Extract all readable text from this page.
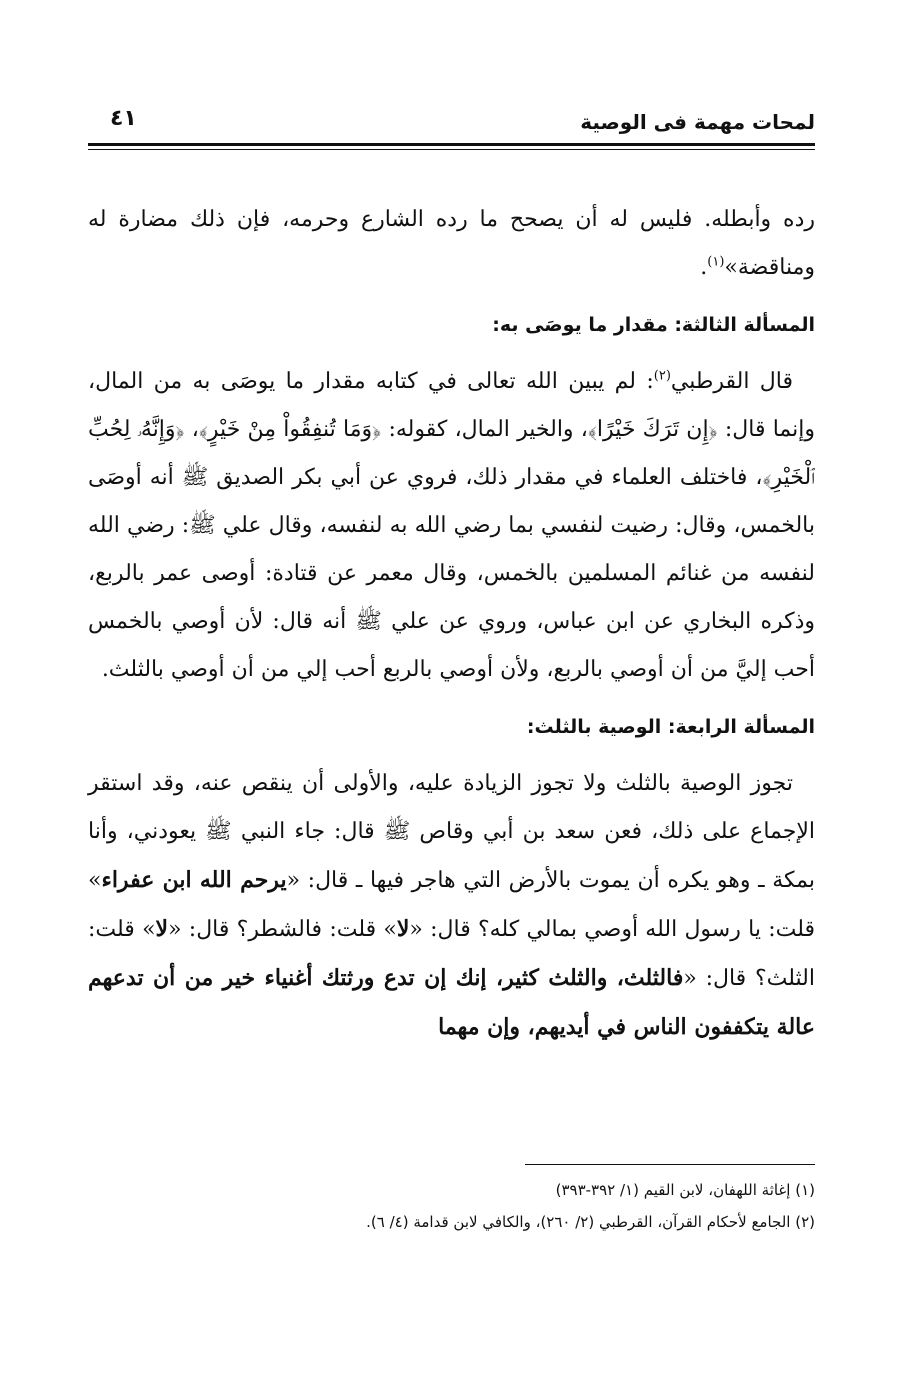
لمحات مهمة فى الوصية
٤١

رده وأبطله. فليس له أن يصحح ما رده الشارع وحرمه، فإن ذلك مضارة له ومناقضة»$^{(١)}$.

المسألة الثالثة: مقدار ما يوصَى به:

قال القرطبي$^{(٢)}$: لم يبين الله تعالى في كتابه مقدار ما يوصَى به من المال، وإنما قال: ﴿إِن تَرَكَ خَيْرًا﴾، والخير المال، كقوله: ﴿وَمَا تُنفِقُواْ مِنْ خَيْرٍ﴾، ﴿وَإِنَّهُۥ لِحُبِّ ٱلْخَيْرِ﴾، فاختلف العلماء في مقدار ذلك، فروي عن أبي بكر الصديق ﷺ أنه أوصَى بالخمس، وقال: رضيت لنفسي بما رضي الله به لنفسه، وقال علي ﷺ: رضي الله لنفسه من غنائم المسلمين بالخمس، وقال معمر عن قتادة: أوصى عمر بالربع، وذكره البخاري عن ابن عباس، وروي عن علي ﷺ أنه قال: لأن أوصي بالخمس أحب إليَّ من أن أوصي بالربع، ولأن أوصي بالربع أحب إلي من أن أوصي بالثلث.

المسألة الرابعة: الوصية بالثلث:

تجوز الوصية بالثلث ولا تجوز الزيادة عليه، والأولى أن ينقص عنه، وقد استقر الإجماع على ذلك، فعن سعد بن أبي وقاص ﷺ قال: جاء النبي ﷺ يعودني، وأنا بمكة ـ وهو يكره أن يموت بالأرض التي هاجر فيها ـ قال: «يرحم الله ابن عفراء» قلت: يا رسول الله أوصي بمالي كله؟ قال: «لا» قلت: فالشطر؟ قال: «لا» قلت: الثلث؟ قال: «فالثلث، والثلث كثير، إنك إن تدع ورثتك أغنياء خير من أن تدعهم عالة يتكففون الناس في أيديهم، وإن مهما

(١) إغاثة اللهفان، لابن القيم (١/ ٣٩٢-٣٩٣)
(٢) الجامع لأحكام القرآن، القرطبي (٢/ ٢٦٠)، والكافي لابن قدامة (٤/ ٦).
